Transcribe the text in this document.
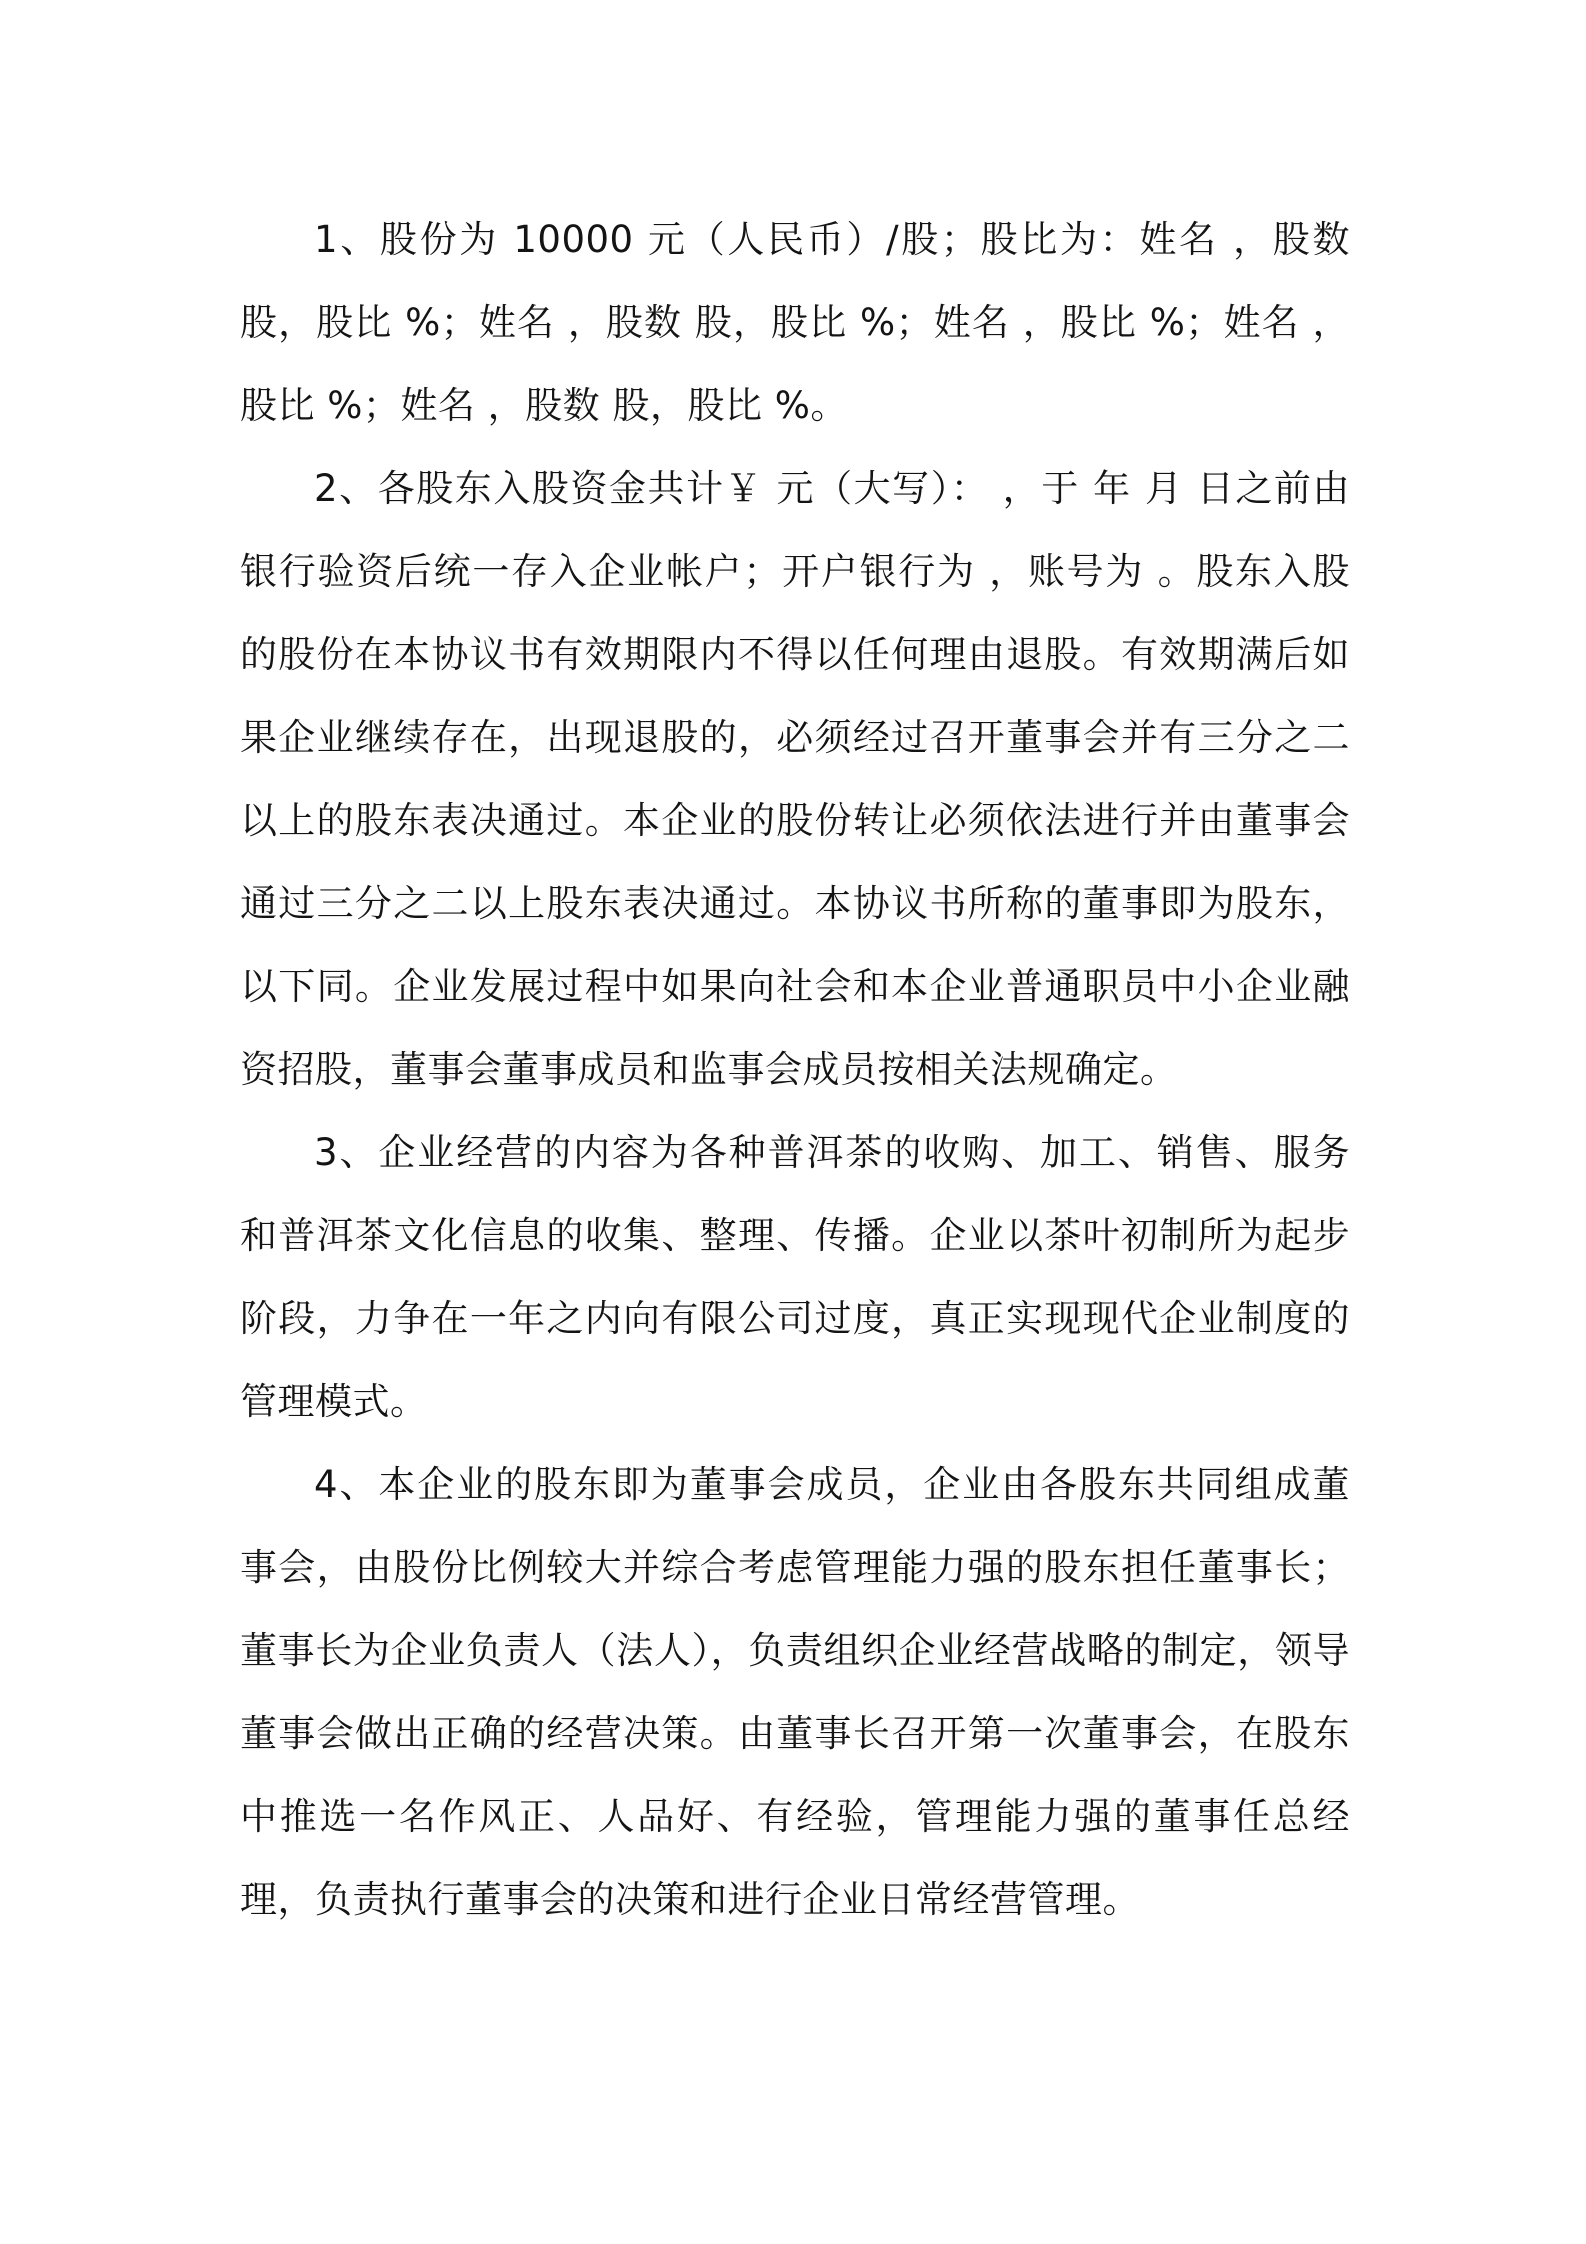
1、股份为 10000 元（人民币）/股；股比为：姓名 ，股数 股，股比 %；姓名 ，股数 股，股比 %；姓名 ，股比 %；姓名 ，股比 %；姓名 ，股数 股，股比 %。

2、各股东入股资金共计￥ 元（大写）： ，于 年 月 日之前由银行验资后统一存入企业帐户；开户银行为 ，账号为 。股东入股的股份在本协议书有效期限内不得以任何理由退股。有效期满后如果企业继续存在，出现退股的，必须经过召开董事会并有三分之二以上的股东表决通过。本企业的股份转让必须依法进行并由董事会通过三分之二以上股东表决通过。本协议书所称的董事即为股东，以下同。企业发展过程中如果向社会和本企业普通职员中小企业融资招股，董事会董事成员和监事会成员按相关法规确定。

3、企业经营的内容为各种普洱茶的收购、加工、销售、服务和普洱茶文化信息的收集、整理、传播。企业以茶叶初制所为起步阶段，力争在一年之内向有限公司过度，真正实现现代企业制度的管理模式。

4、本企业的股东即为董事会成员，企业由各股东共同组成董事会，由股份比例较大并综合考虑管理能力强的股东担任董事长；董事长为企业负责人（法人），负责组织企业经营战略的制定，领导董事会做出正确的经营决策。由董事长召开第一次董事会，在股东中推选一名作风正、人品好、有经验，管理能力强的董事任总经理，负责执行董事会的决策和进行企业日常经营管理。
